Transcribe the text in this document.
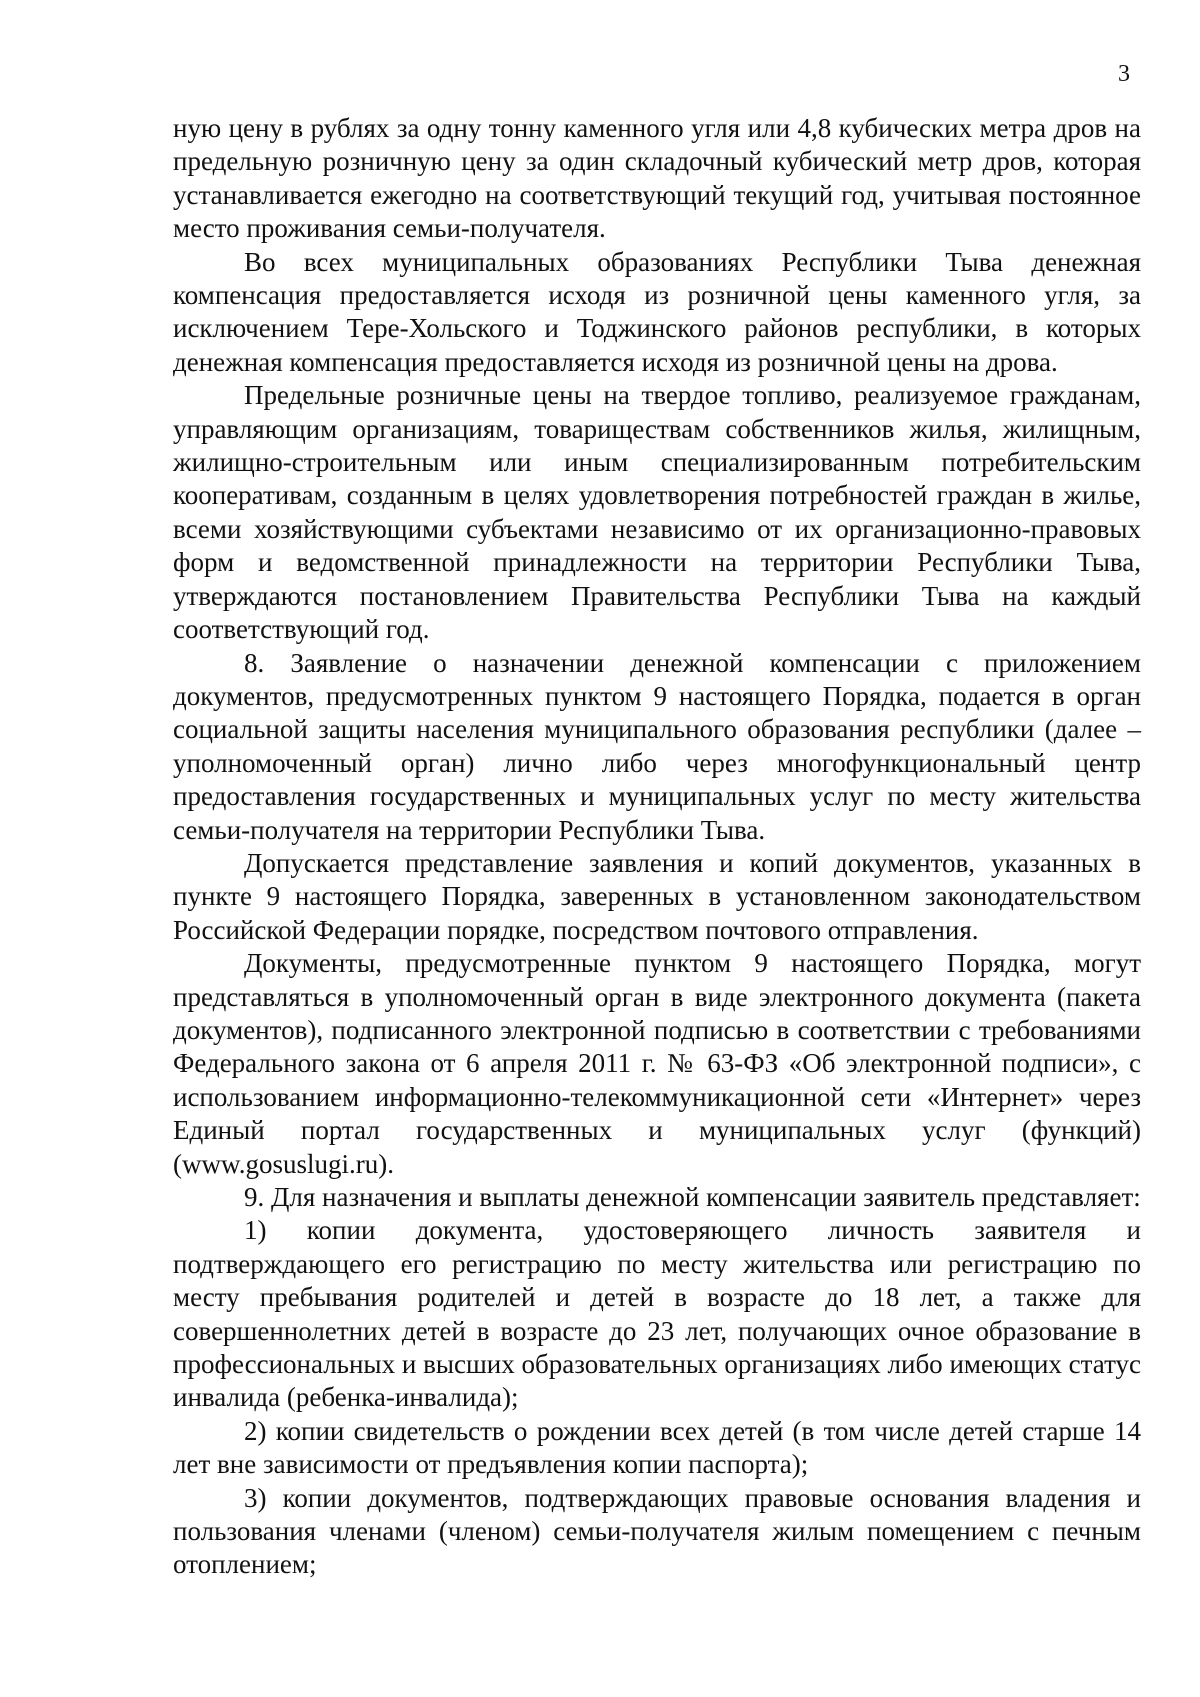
3

ную цену в рублях за одну тонну каменного угля или 4,8 кубических метра дров на предельную розничную цену за один складочный кубический метр дров, которая устанавливается ежегодно на соответствующий текущий год, учитывая постоянное место проживания семьи-получателя.

Во всех муниципальных образованиях Республики Тыва денежная компенсация предоставляется исходя из розничной цены каменного угля, за исключением Тере-Хольского и Тоджинского районов республики, в которых денежная компенсация предоставляется исходя из розничной цены на дрова.

Предельные розничные цены на твердое топливо, реализуемое гражданам, управляющим организациям, товариществам собственников жилья, жилищным, жилищно-строительным или иным специализированным потребительским кооперативам, созданным в целях удовлетворения потребностей граждан в жилье, всеми хозяйствующими субъектами независимо от их организационно-правовых форм и ведомственной принадлежности на территории Республики Тыва, утверждаются постановлением Правительства Республики Тыва на каждый соответствующий год.

8. Заявление о назначении денежной компенсации с приложением документов, предусмотренных пунктом 9 настоящего Порядка, подается в орган социальной защиты населения муниципального образования республики (далее – уполномоченный орган) лично либо через многофункциональный центр предоставления государственных и муниципальных услуг по месту жительства семьи-получателя на территории Республики Тыва.

Допускается представление заявления и копий документов, указанных в пункте 9 настоящего Порядка, заверенных в установленном законодательством Российской Федерации порядке, посредством почтового отправления.

Документы, предусмотренные пунктом 9 настоящего Порядка, могут представляться в уполномоченный орган в виде электронного документа (пакета документов), подписанного электронной подписью в соответствии с требованиями Федерального закона от 6 апреля 2011 г. № 63-ФЗ «Об электронной подписи», с использованием информационно-телекоммуникационной сети «Интернет» через Единый портал государственных и муниципальных услуг (функций) (www.gosuslugi.ru).

9. Для назначения и выплаты денежной компенсации заявитель представляет:

1) копии документа, удостоверяющего личность заявителя и подтверждающего его регистрацию по месту жительства или регистрацию по месту пребывания родителей и детей в возрасте до 18 лет, а также для совершеннолетних детей в возрасте до 23 лет, получающих очное образование в профессиональных и высших образовательных организациях либо имеющих статус инвалида (ребенка-инвалида);

2) копии свидетельств о рождении всех детей (в том числе детей старше 14 лет вне зависимости от предъявления копии паспорта);

3) копии документов, подтверждающих правовые основания владения и пользования членами (членом) семьи-получателя жилым помещением с печным отоплением;
